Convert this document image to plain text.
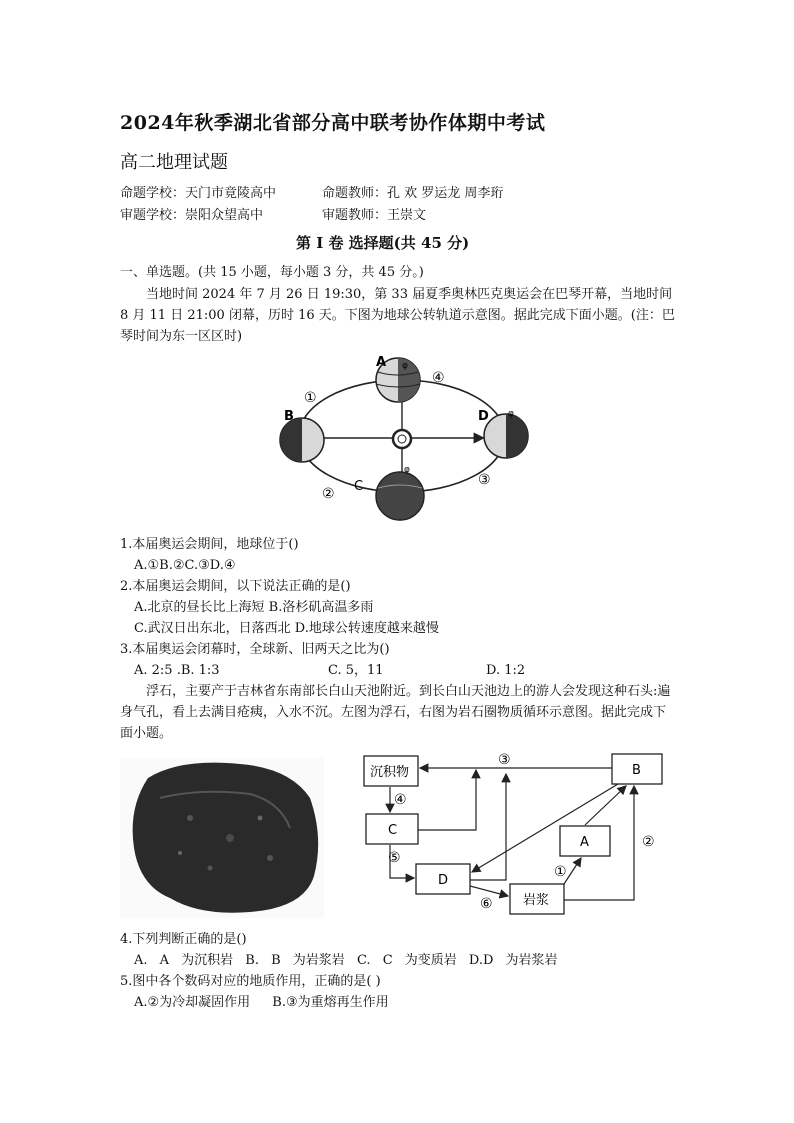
2024年秋季湖北省部分高中联考协作体期中考试
高二地理试题
命题学校：天门市竟陵高中	命题教师：孔 欢 罗运龙 周李珩
审题学校：崇阳众望高中	审题教师：王崇文
第 I 卷 选择题(共 45 分)
一、单选题。(共 15 小题，每小题 3 分，共 45 分。)
当地时间 2024 年 7 月 26 日 19:30，第 33 届夏季奥林匹克奥运会在巴琴开幕，当地时间 8 月 11 日 21:00 闭幕，历时 16 天。下图为地球公转轨道示意图。据此完成下面小题。(注：巴琴时间为东一区区时)
A
B
C
D
①
②
③
④
φ
φ
φ
1.本届奥运会期间，地球位于()
A.①B.②C.③D.④
2.本届奥运会期间，以下说法正确的是()
A.北京的昼长比上海短 B.洛杉矶高温多雨
C.武汉日出东北，日落西北 D.地球公转速度越来越慢
3.本届奥运会闭幕时，全球新、旧两天之比为()
A. 2:5 .B. 1:3	C. 5，11	D. 1:2
浮石，主要产于吉林省东南部长白山天池附近。到长白山天池边上的游人会发现这种石头:遍身气孔，看上去满目疮痍，入水不沉。左图为浮石，右图为岩石圈物质循环示意图。据此完成下面小题。
沉积物	B
C
A
D
岩浆
③
④
⑤
⑥
①
②
4.下列判断正确的是()
A. A 为沉积岩 B. B 为岩浆岩 C. C 为变质岩 D.D 为岩浆岩
5.图中各个数码对应的地质作用，正确的是( )
A.②为冷却凝固作用 B.③为重熔再生作用
